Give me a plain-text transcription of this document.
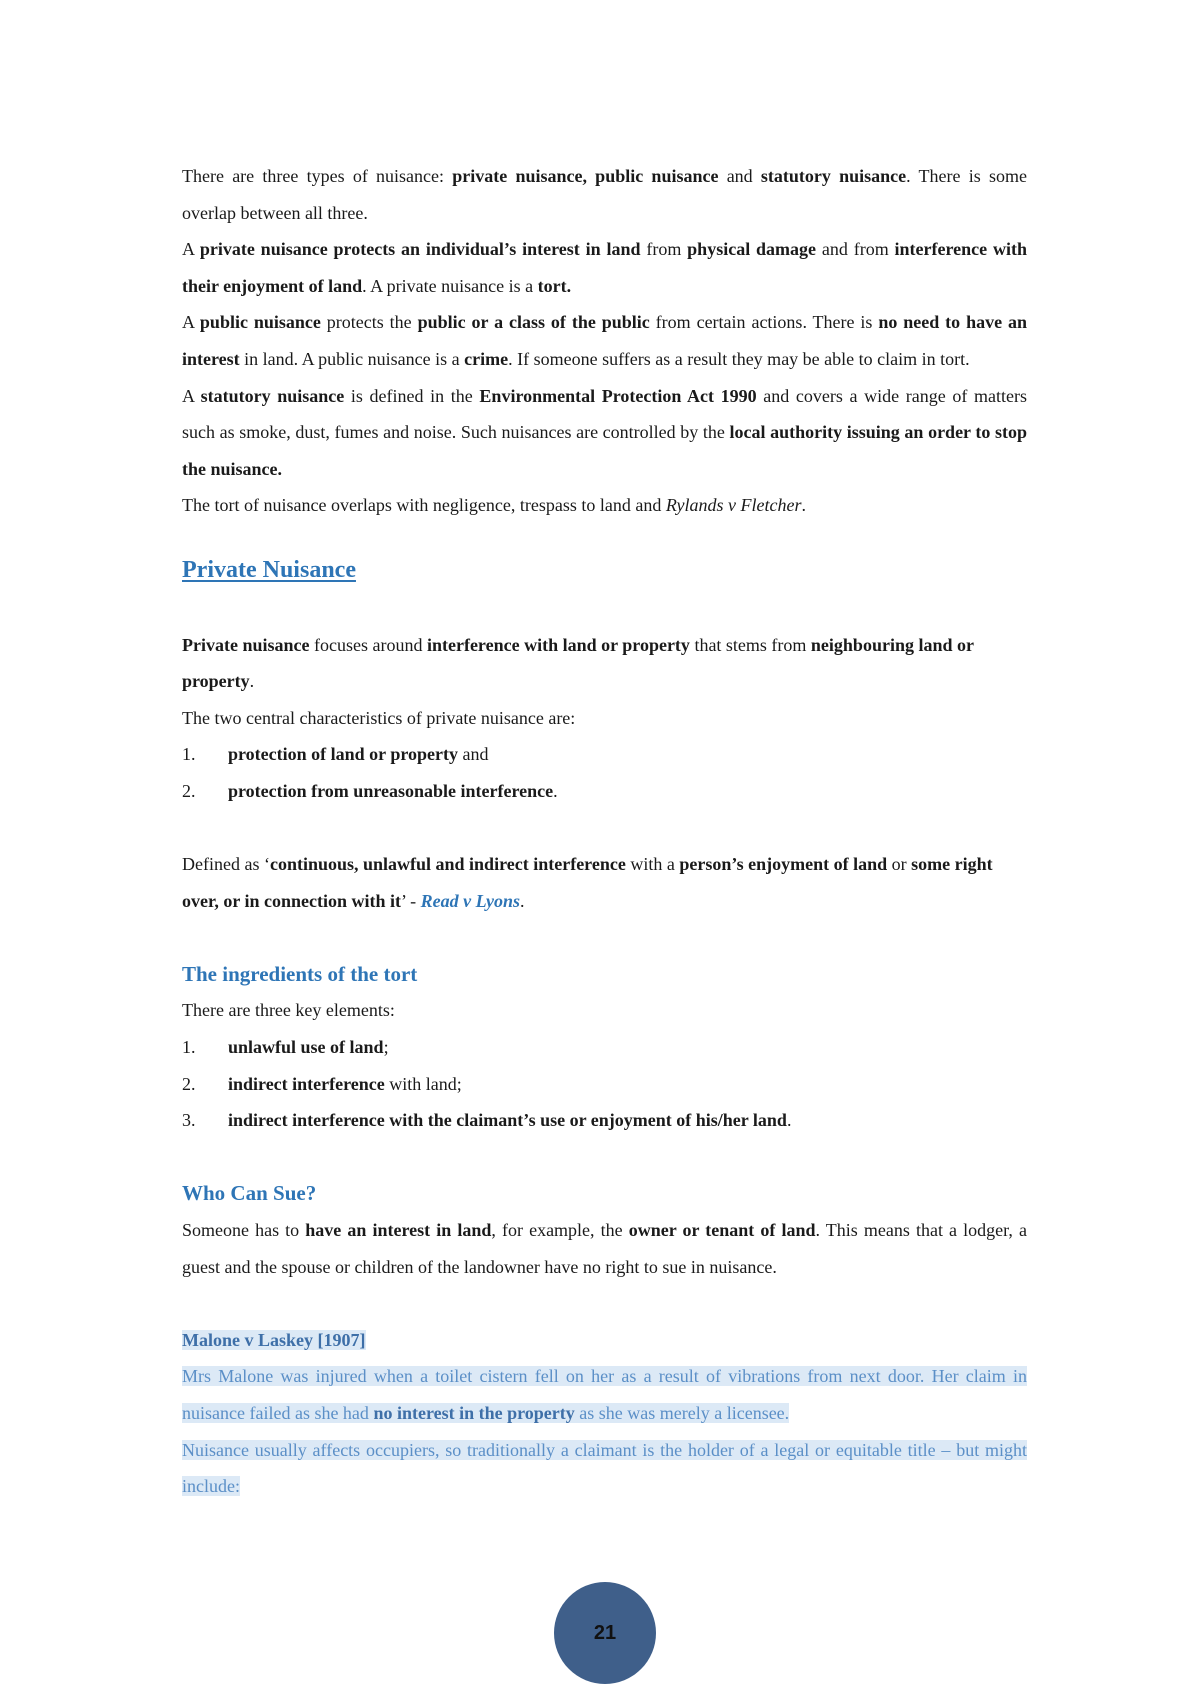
There are three types of nuisance: private nuisance, public nuisance and statutory nuisance. There is some overlap between all three.

A private nuisance protects an individual’s interest in land from physical damage and from interference with their enjoyment of land. A private nuisance is a tort.

A public nuisance protects the public or a class of the public from certain actions. There is no need to have an interest in land. A public nuisance is a crime. If someone suffers as a result they may be able to claim in tort.

A statutory nuisance is defined in the Environmental Protection Act 1990 and covers a wide range of matters such as smoke, dust, fumes and noise. Such nuisances are controlled by the local authority issuing an order to stop the nuisance.

The tort of nuisance overlaps with negligence, trespass to land and Rylands v Fletcher.

Private Nuisance

Private nuisance focuses around interference with land or property that stems from neighbouring land or property.

The two central characteristics of private nuisance are:

1. protection of land or property and
2. protection from unreasonable interference.

Defined as ‘continuous, unlawful and indirect interference with a person’s enjoyment of land or some right over, or in connection with it’ - Read v Lyons.

The ingredients of the tort

There are three key elements:

1. unlawful use of land;
2. indirect interference with land;
3. indirect interference with the claimant’s use or enjoyment of his/her land.
Who Can Sue?

Someone has to have an interest in land, for example, the owner or tenant of land. This means that a lodger, a guest and the spouse or children of the landowner have no right to sue in nuisance.

Malone v Laskey [1907]

Mrs Malone was injured when a toilet cistern fell on her as a result of vibrations from next door. Her claim in nuisance failed as she had no interest in the property as she was merely a licensee.

Nuisance usually affects occupiers, so traditionally a claimant is the holder of a legal or equitable title – but might include:

21
